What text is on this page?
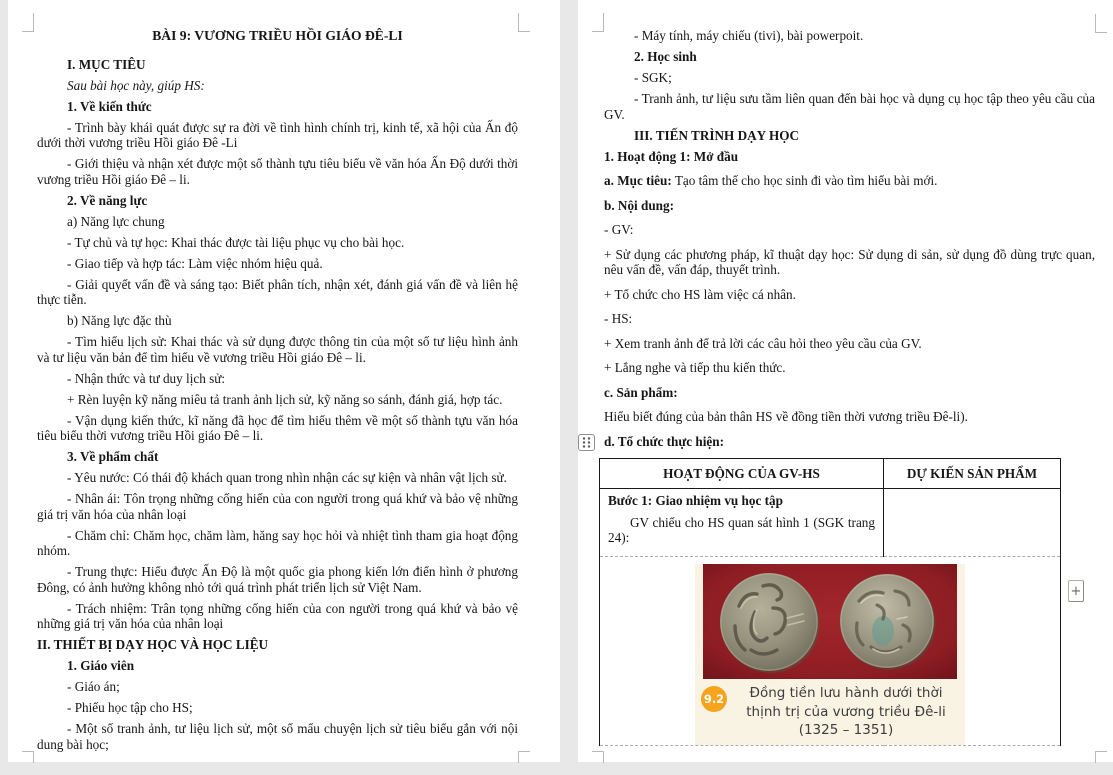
BÀI 9: VƯƠNG TRIỀU HỒI GIÁO ĐÊ-LI

I. MỤC TIÊU

Sau bài học này, giúp HS:

1. Về kiến thức

- Trình bày khái quát được sự ra đời về tình hình chính trị, kinh tế, xã hội của Ấn độ dưới thời vương triều Hồi giáo Đê -Li

- Giới thiệu và nhận xét được một số thành tựu tiêu biểu về văn hóa Ấn Độ dưới thời vương triều Hồi giáo Đê – li.

2. Về năng lực

a) Năng lực chung

- Tự chủ và tự học: Khai thác được tài liệu phục vụ cho bài học.

- Giao tiếp và hợp tác: Làm việc nhóm hiệu quả.

- Giải quyết vấn đề và sáng tạo: Biết phân tích, nhận xét, đánh giá vấn đề và liên hệ thực tiễn.

b) Năng lực đặc thù

- Tìm hiểu lịch sử: Khai thác và sử dụng được thông tin của một số tư liệu hình ảnh và tư liệu văn bản để tìm hiểu về vương triều Hồi giáo Đê – li.

- Nhận thức và tư duy lịch sử:

+ Rèn luyện kỹ năng miêu tả tranh ảnh lịch sử, kỹ năng so sánh, đánh giá, hợp tác.

- Vận dụng kiến thức, kĩ năng đã học để tìm hiểu thêm về một số thành tựu văn hóa tiêu biểu thời vương triều Hồi giáo Đê – li.

3. Về phẩm chất

- Yêu nước: Có thái độ khách quan trong nhìn nhận các sự kiện và nhân vật lịch sử.

- Nhân ái: Tôn trọng những cống hiến của con người trong quá khứ và bảo vệ những giá trị văn hóa của nhân loại

- Chăm chỉ: Chăm học, chăm làm, hăng say học hỏi và nhiệt tình tham gia hoạt động nhóm.

- Trung thực: Hiểu được Ấn Độ là một quốc gia phong kiến lớn điển hình ở phương Đông, có ảnh hưởng không nhỏ tới quá trình phát triển lịch sử Việt Nam.

- Trách nhiệm: Trân tọng những cống hiến của con người trong quá khứ và bảo vệ những giá trị văn hóa của nhân loại

II. THIẾT BỊ DẠY HỌC VÀ HỌC LIỆU

1. Giáo viên

- Giáo án;

- Phiếu học tập cho HS;

- Một số tranh ảnh, tư liệu lịch sử, một số mẩu chuyện lịch sử tiêu biểu gắn với nội dung bài học;

- Máy tính, máy chiếu (tivi), bài powerpoit.

2. Học sinh

- SGK;

- Tranh ảnh, tư liệu sưu tầm liên quan đến bài học và dụng cụ học tập theo yêu cầu của GV.

III. TIẾN TRÌNH DẠY HỌC

1. Hoạt động 1: Mở đầu

a. Mục tiêu: Tạo tâm thế cho học sinh đi vào tìm hiểu bài mới.

b. Nội dung:

- GV:

+ Sử dụng các phương pháp, kĩ thuật dạy học: Sử dụng di sản, sử dụng đồ dùng trực quan, nêu vấn đề, vấn đáp, thuyết trình.

+ Tổ chức cho HS làm việc cá nhân.

- HS:

+ Xem tranh ảnh để trả lời các câu hỏi theo yêu cầu của GV.

+ Lắng nghe và tiếp thu kiến thức.

c. Sản phẩm:

Hiểu biết đúng của bản thân HS về đồng tiền thời vương triều Đê-li).

d. Tổ chức thực hiện:

HOẠT ĐỘNG CỦA GV-HS	DỰ KIẾN SẢN PHẨM

Bước 1: Giao nhiệm vụ học tập

GV chiếu cho HS quan sát hình 1 (SGK trang 24):	

9.2 Đồng tiền lưu hành dưới thời thịnh trị của vương triều Đê-li (1325 – 1351)	
+
